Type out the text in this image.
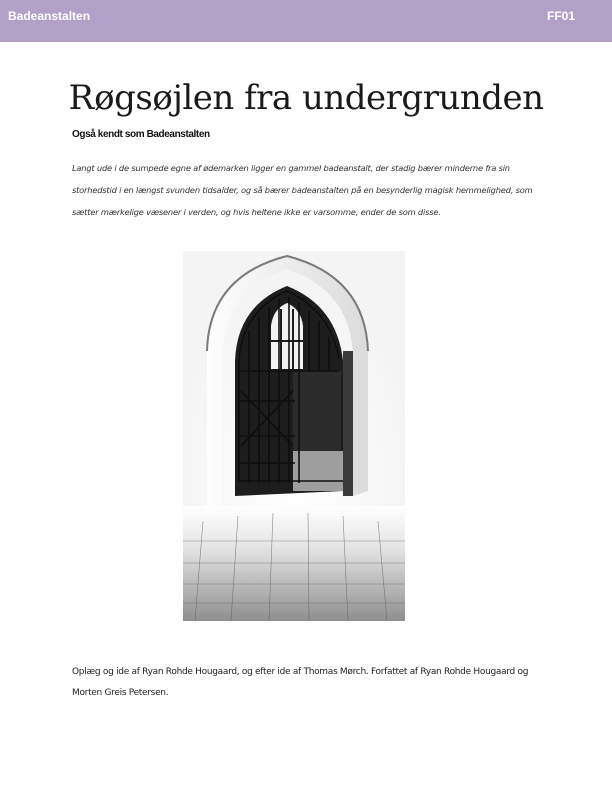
Badeanstalten	FF01
Røgsøjlen fra undergrunden
Også kendt som Badeanstalten

Langt ude i de sumpede egne af ødemarken ligger en gammel badeanstalt, der stadig bærer minderne fra sin storhedstid i en længst svunden tidsalder, og så bærer badeanstalten på en besynderlig magisk hemmelighed, som sætter mærkelige væsener i verden, og hvis heltene ikke er varsomme, ender de som disse.

Oplæg og ide af Ryan Rohde Hougaard, og efter ide af Thomas Mørch. Forfattet af Ryan Rohde Hougaard og Morten Greis Petersen.
